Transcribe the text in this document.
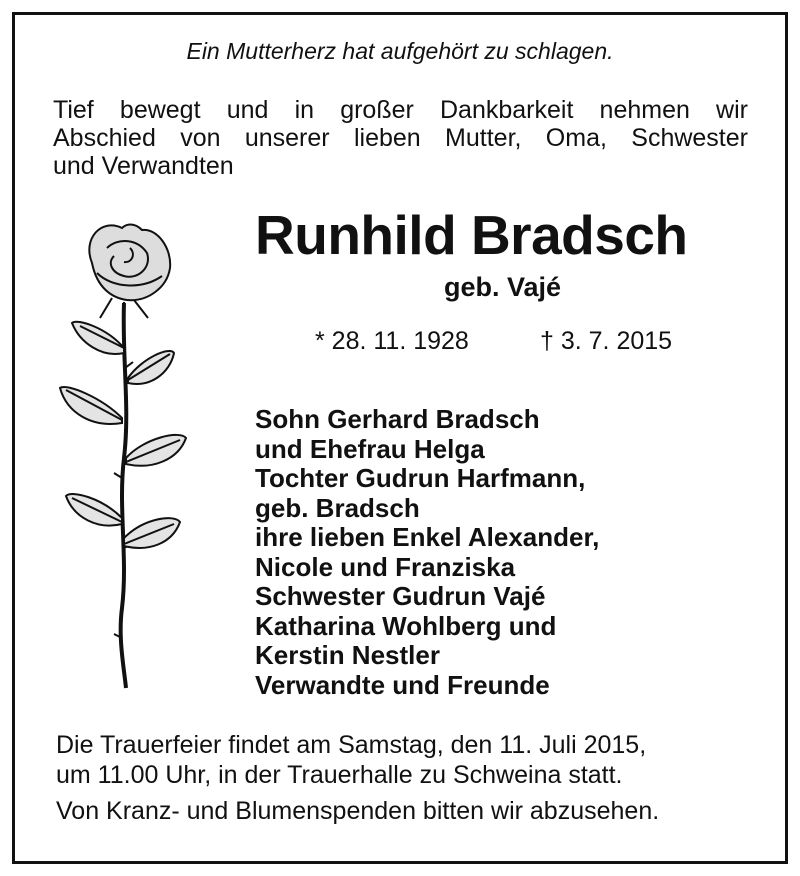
Ein Mutterherz hat aufgehört zu schlagen.
Tief bewegt und in großer Dankbarkeit nehmen wir
Abschied von unserer lieben Mutter, Oma, Schwester
und Verwandten
Runhild Bradsch
geb. Vajé
* 28. 11. 1928	† 3. 7. 2015
Sohn Gerhard Bradsch
und Ehefrau Helga
Tochter Gudrun Harfmann,
geb. Bradsch
ihre lieben Enkel Alexander,
Nicole und Franziska
Schwester Gudrun Vajé
Katharina Wohlberg und
Kerstin Nestler
Verwandte und Freunde
Die Trauerfeier findet am Samstag, den 11. Juli 2015,
um 11.00 Uhr, in der Trauerhalle zu Schweina statt.
Von Kranz- und Blumenspenden bitten wir abzusehen.
